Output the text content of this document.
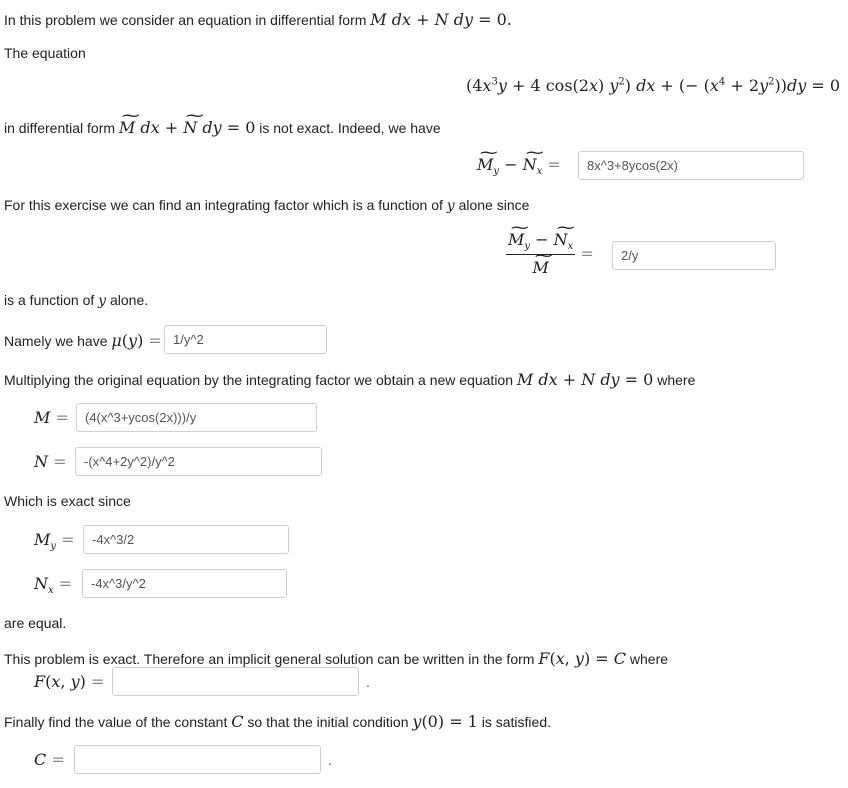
In this problem we consider an equation in differential form M dx + N dy = 0.
The equation
($4x^3y + 4$ cos(2x) $y^2$) dx + (− $(x^4 + 2y^2))dy = 0$
in differential form ~ M dx + ~ N dy = 0 is not exact. Indeed, we have
~ $M_y$ − ~ $N_x$ =
8x^3+8ycos(2x)
For this exercise we can find an integrating factor which is a function of y alone since
~ $M_y$ − ~ $N_x$
~ M =
2/y
is a function of y alone.
Namely we have μ(y) =
1/y^2
Multiplying the original equation by the integrating factor we obtain a new equation M dx + N dy = 0 where
M =
(4(x^3+ycos(2x)))/y
N =
-(x^4+2y^2)/y^2
Which is exact since
$M_y$ =
-4x^3/2
$N_x$ =
-4x^3/y^2
are equal.
This problem is exact. Therefore an implicit general solution can be written in the form F(x, y) = C where
F(x, y) =	.
Finally find the value of the constant C so that the initial condition y(0) = 1 is satisfied.
C =	.
